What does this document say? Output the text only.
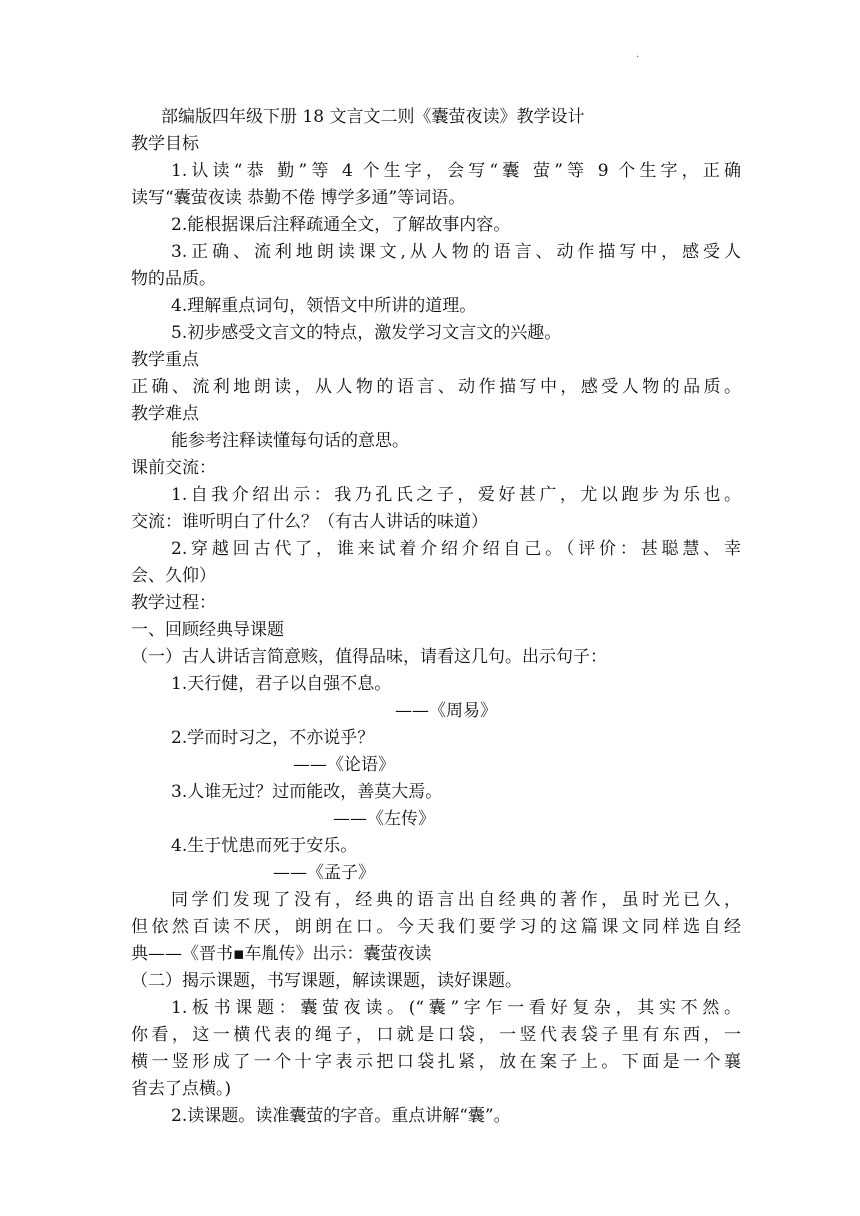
·
部编版四年级下册 18 文言文二则《囊萤夜读》教学设计
教学目标
1.认读“恭 勤”等 4 个生字，会写“囊 萤”等 9 个生字，正确
读写“囊萤夜读 恭勤不倦 博学多通”等词语。
2.能根据课后注释疏通全文，了解故事内容。
3.正确、流利地朗读课文,从人物的语言、动作描写中，感受人
物的品质。
4.理解重点词句，领悟文中所讲的道理。
5.初步感受文言文的特点，激发学习文言文的兴趣。
教学重点
正确、流利地朗读，从人物的语言、动作描写中，感受人物的品质。
教学难点
能参考注释读懂每句话的意思。
课前交流：
1.自我介绍出示：我乃孔氏之子，爱好甚广，尤以跑步为乐也。
交流：谁听明白了什么？（有古人讲话的味道）
2.穿越回古代了，谁来试着介绍介绍自己。（评价：甚聪慧、幸
会、久仰）
教学过程：
一、回顾经典导课题
（一）古人讲话言简意赅，值得品味，请看这几句。出示句子：
1.天行健，君子以自强不息。
——《周易》
2.学而时习之，不亦说乎？
——《论语》
3.人谁无过？过而能改，善莫大焉。
——《左传》
4.生于忧患而死于安乐。
——《孟子》
同学们发现了没有，经典的语言出自经典的著作，虽时光已久，
但依然百读不厌，朗朗在口。今天我们要学习的这篇课文同样选自经
典——《晋书▪车胤传》出示：囊萤夜读
（二）揭示课题，书写课题，解读课题，读好课题。
1.板书课题：囊萤夜读。(“囊”字乍一看好复杂，其实不然。
你看，这一横代表的绳子，口就是口袋，一竖代表袋子里有东西，一
横一竖形成了一个十字表示把口袋扎紧，放在案子上。下面是一个襄
省去了点横。)
2.读课题。读准囊萤的字音。重点讲解“囊”。
